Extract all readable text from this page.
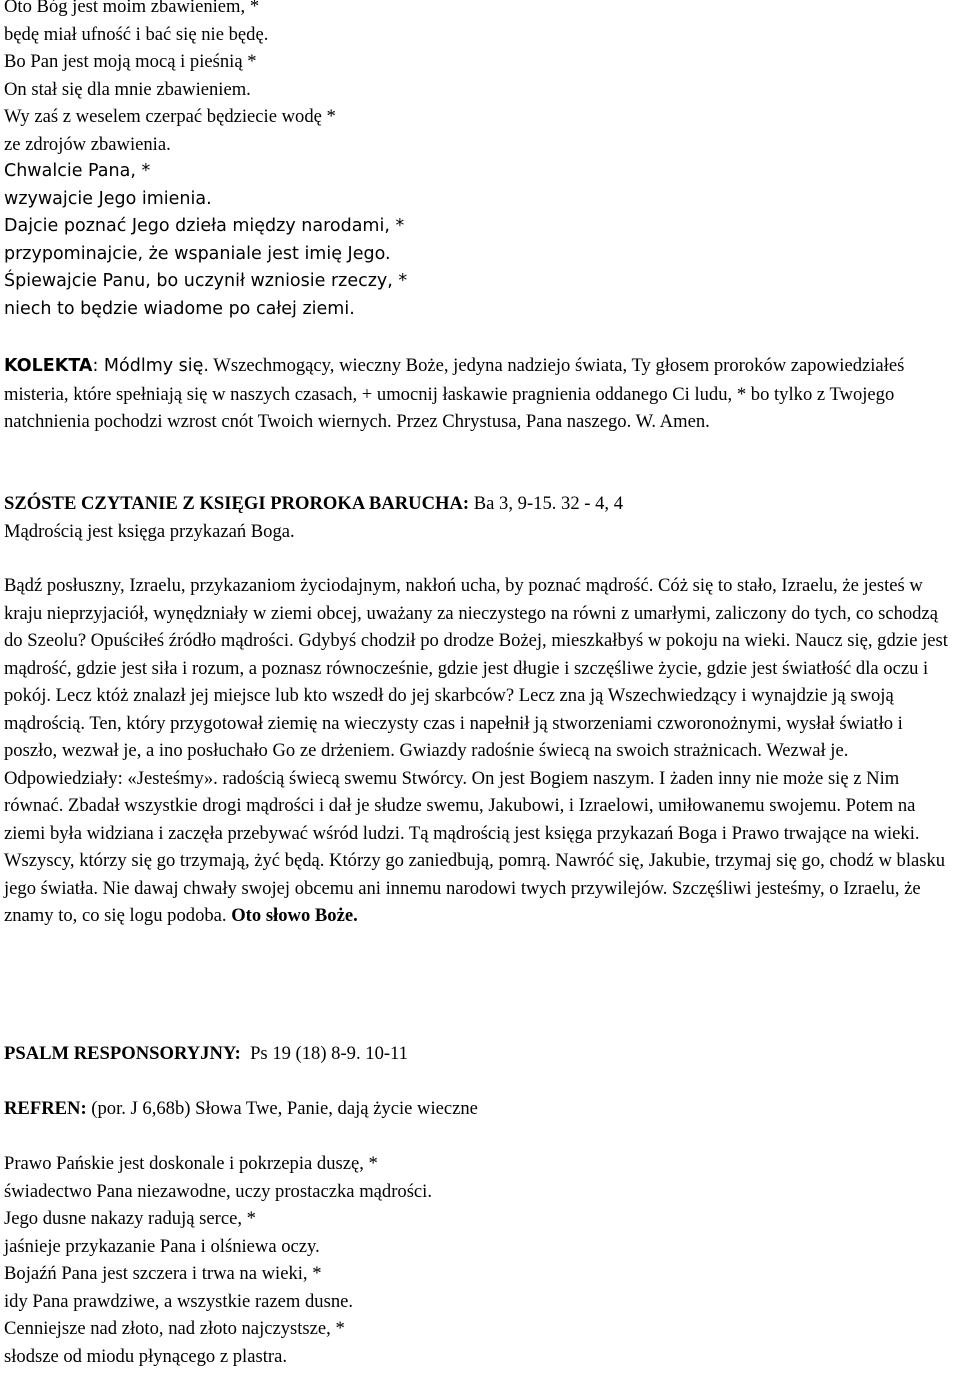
Oto Bóg jest moim zbawieniem, *
będę miał ufność i bać się nie będę.
Bo Pan jest moją mocą i pieśnią *
On stał się dla mnie zbawieniem.
Wy zaś z weselem czerpać będziecie wodę *
ze zdrojów zbawienia.
Chwalcie Pana, *
wzywajcie Jego imienia.
Dajcie poznać Jego dzieła między narodami, *
przypominajcie, że wspaniale jest imię Jego.
Śpiewajcie Panu, bo uczynił wzniosie rzeczy, *
niech to będzie wiadome po całej ziemi.

KOLEKTA: Módlmy się. Wszechmogący, wieczny Boże, jedyna nadziejo świata, Ty głosem proroków zapowiedziałeś misteria, które spełniają się w naszych czasach, + umocnij łaskawie pragnienia oddanego Ci ludu, * bo tylko z Twojego natchnienia pochodzi wzrost cnót Twoich wiernych. Przez Chrystusa, Pana naszego. W. Amen.

SZÓSTE CZYTANIE Z KSIĘGI PROROKA BARUCHA: Ba 3, 9-15. 32 - 4, 4

Mądrością jest księga przykazań Boga.

Bądź posłuszny, Izraelu, przykazaniom życiodajnym, nakłoń ucha, by poznać mądrość. Cóż się to stało, Izraelu, że jesteś w kraju nieprzyjaciół, wynędzniały w ziemi obcej, uważany za nieczystego na równi z umarłymi, zaliczony do tych, co schodzą do Szeolu? Opuściłeś źródło mądrości. Gdybyś chodził po drodze Bożej, mieszkałbyś w pokoju na wieki. Naucz się, gdzie jest mądrość, gdzie jest siła i rozum, a poznasz równocześnie, gdzie jest długie i szczęśliwe życie, gdzie jest światłość dla oczu i pokój. Lecz któż znalazł jej miejsce lub kto wszedł do jej skarbców? Lecz zna ją Wszechwiedzący i wynajdzie ją swoją mądrością. Ten, który przygotował ziemię na wieczysty czas i napełnił ją stworzeniami czworonożnymi, wysłał światło i poszło, wezwał je, a ino posłuchało Go ze drżeniem. Gwiazdy radośnie świecą na swoich strażnicach. Wezwał je. Odpowiedziały: «Jesteśmy». radością świecą swemu Stwórcy. On jest Bogiem naszym. I żaden inny nie może się z Nim równać. Zbadał wszystkie drogi mądrości i dał je słudze swemu, Jakubowi, i Izraelowi, umiłowanemu swojemu. Potem na ziemi była widziana i zaczęła przebywać wśród ludzi. Tą mądrością jest księga przykazań Boga i Prawo trwające na wieki. Wszyscy, którzy się go trzymają, żyć będą. Którzy go zaniedbują, pomrą. Nawróć się, Jakubie, trzymaj się go, chodź w blasku jego światła. Nie dawaj chwały swojej obcemu ani innemu narodowi twych przywilejów. Szczęśliwi jesteśmy, o Izraelu, że znamy to, co się logu podoba. Oto słowo Boże.

PSALM RESPONSORYJNY: Ps 19 (18) 8-9. 10-11

REFREN: (por. J 6,68b) Słowa Twe, Panie, dają życie wieczne

Prawo Pańskie jest doskonale i pokrzepia duszę, *
świadectwo Pana niezawodne, uczy prostaczka mądrości.
Jego dusne nakazy radują serce, *
jaśnieje przykazanie Pana i olśniewa oczy.
Bojaźń Pana jest szczera i trwa na wieki, *
idy Pana prawdziwe, a wszystkie razem dusne.
Cenniejsze nad złoto, nad złoto najczystsze, *
słodsze od miodu płynącego z plastra.
